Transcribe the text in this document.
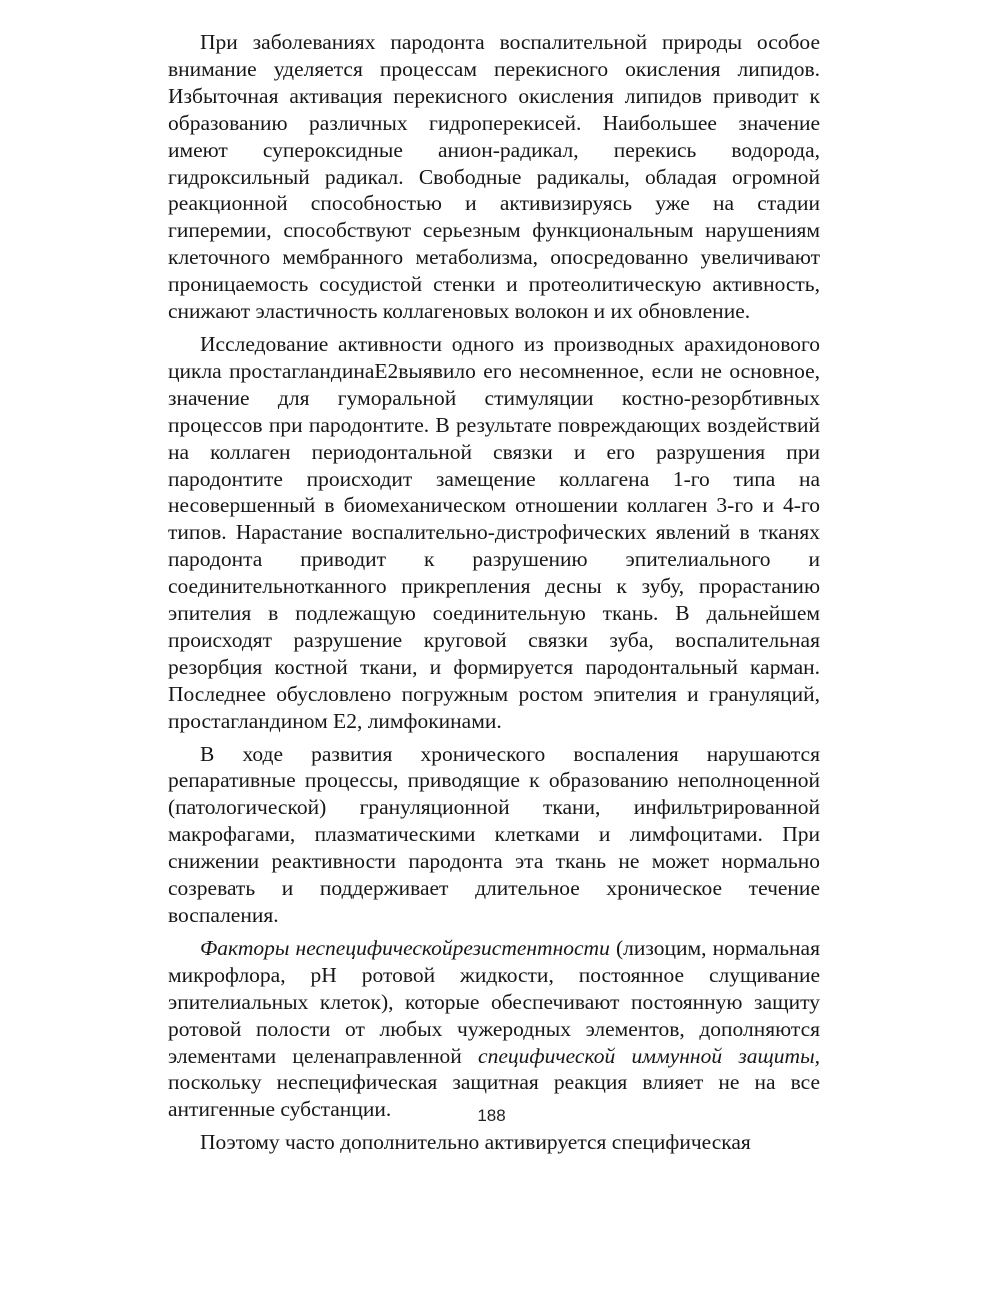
При заболеваниях пародонта воспалительной природы особое внимание уделяется процессам перекисного окисления липидов. Избыточная активация перекисного окисления липидов приводит к образованию различных гидроперекисей. Наибольшее значение имеют супероксидные анион-радикал, перекись водорода, гидроксильный радикал. Свободные радикалы, обладая огромной реакционной способностью и активизируясь уже на стадии гиперемии, способствуют серьезным функциональным нарушениям клеточного мембранного метаболизма, опосредованно увеличивают проницаемость сосудистой стенки и протеолитическую активность, снижают эластичность коллагеновых волокон и их обновление.

Исследование активности одного из производных арахидонового цикла простагландинаЕ2выявило его несомненное, если не основное, значение для гуморальной стимуляции костно-резорбтивных процессов при пародонтите. В результате повреждающих воздействий на коллаген периодонтальной связки и его разрушения при пародонтите происходит замещение коллагена 1-го типа на несовершенный в биомеханическом отношении коллаген 3-го и 4-го типов. Нарастание воспалительно-дистрофических явлений в тканях пародонта приводит к разрушению эпителиального и соединительнотканного прикрепления десны к зубу, прорастанию эпителия в подлежащую соединительную ткань. В дальнейшем происходят разрушение круговой связки зуба, воспалительная резорбция костной ткани, и формируется пародонтальный карман. Последнее обусловлено погружным ростом эпителия и грануляций, простагландином Е2, лимфокинами.

В ходе развития хронического воспаления нарушаются репаративные процессы, приводящие к образованию неполноценной (патологической) грануляционной ткани, инфильтрированной макрофагами, плазматическими клетками и лимфоцитами. При снижении реактивности пародонта эта ткань не может нормально созревать и поддерживает длительное хроническое течение воспаления.

Факторы неспецифическойрезистентности (лизоцим, нормальная микрофлора, рН ротовой жидкости, постоянное слущивание эпителиальных клеток), которые обеспечивают постоянную защиту ротовой полости от любых чужеродных элементов, дополняются элементами целенаправленной специфической иммунной защиты, поскольку неспецифическая защитная реакция влияет не на все антигенные субстанции.

Поэтому часто дополнительно активируется специфическая

188
